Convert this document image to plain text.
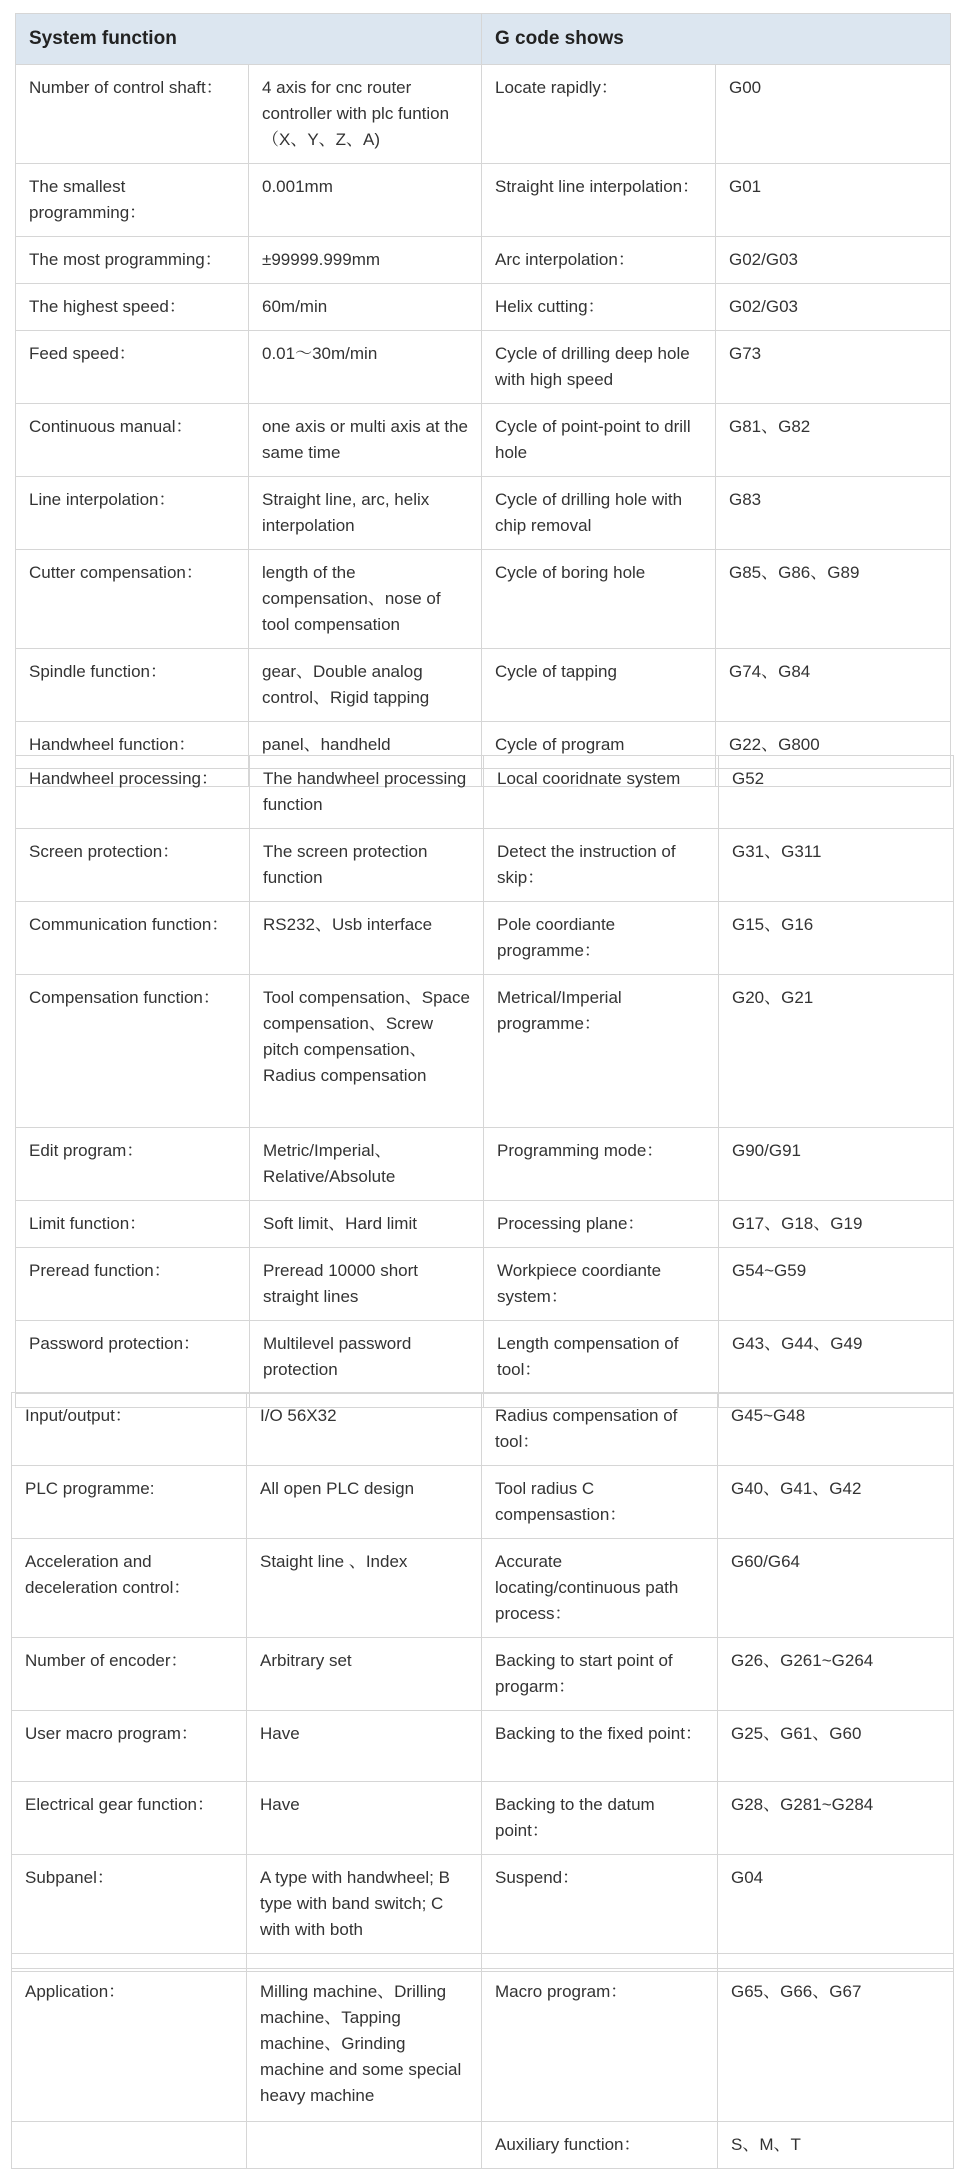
System function		G code shows	
Number of control shaft：	4 axis for cnc router controller with plc funtion（X、Y、Z、A)	Locate rapidly：	G00
The smallest programming：	0.001mm	Straight line interpolation：	G01
The most programming：	±99999.999mm	Arc interpolation：	G02/G03
The highest speed：	60m/min	Helix cutting：	G02/G03
Feed speed：	0.01～30m/min	Cycle of drilling deep hole with high speed	G73
Continuous manual：	one axis or multi axis at the same time	Cycle of point-point to drill hole	G81、G82
Line interpolation：	Straight line, arc, helix interpolation	Cycle of drilling hole with chip removal	G83
Cutter compensation：	length of the compensation、nose of tool compensation	Cycle of boring hole	G85、G86、G89
Spindle function：	gear、Double analog control、Rigid tapping	Cycle of tapping	G74、G84
Handwheel function：	panel、handheld	Cycle of program	G22、G800

Handwheel processing：	The handwheel processing function	Local cooridnate system	G52
Screen protection：	The screen protection function	Detect the instruction of skip：	G31、G311
Communication function：	RS232、Usb interface	Pole coordiante programme：	G15、G16
Compensation function：	Tool compensation、Space compensation、Screw pitch compensation、Radius compensation	Metrical/Imperial programme：	G20、G21
Edit program：	Metric/Imperial、Relative/Absolute	Programming mode：	G90/G91
Limit function：	Soft limit、Hard limit	Processing plane：	G17、G18、G19
Preread function：	Preread 10000 short straight lines	Workpiece coordiante system：	G54~G59
Password protection：	Multilevel password protection	Length compensation of tool：	G43、G44、G49

Input/output：	I/O 56X32	Radius compensation of tool：	G45~G48
PLC programme:	All open PLC design	Tool radius C compensastion：	G40、G41、G42
Acceleration and deceleration control：	Staight line 、Index	Accurate locating/continuous path process：	G60/G64
Number of encoder：	Arbitrary set	Backing to start point of progarm：	G26、G261~G264
User macro program：	Have	Backing to the fixed point：	G25、G61、G60
Electrical gear function：	Have	Backing to the datum point：	G28、G281~G284
Subpanel：	A type with handwheel; B type with band switch; C with with both	Suspend：	G04

Application：	Milling machine、Drilling machine、Tapping machine、Grinding machine and some special heavy machine	Macro program：	G65、G66、G67
		Auxiliary function：	S、M、T
